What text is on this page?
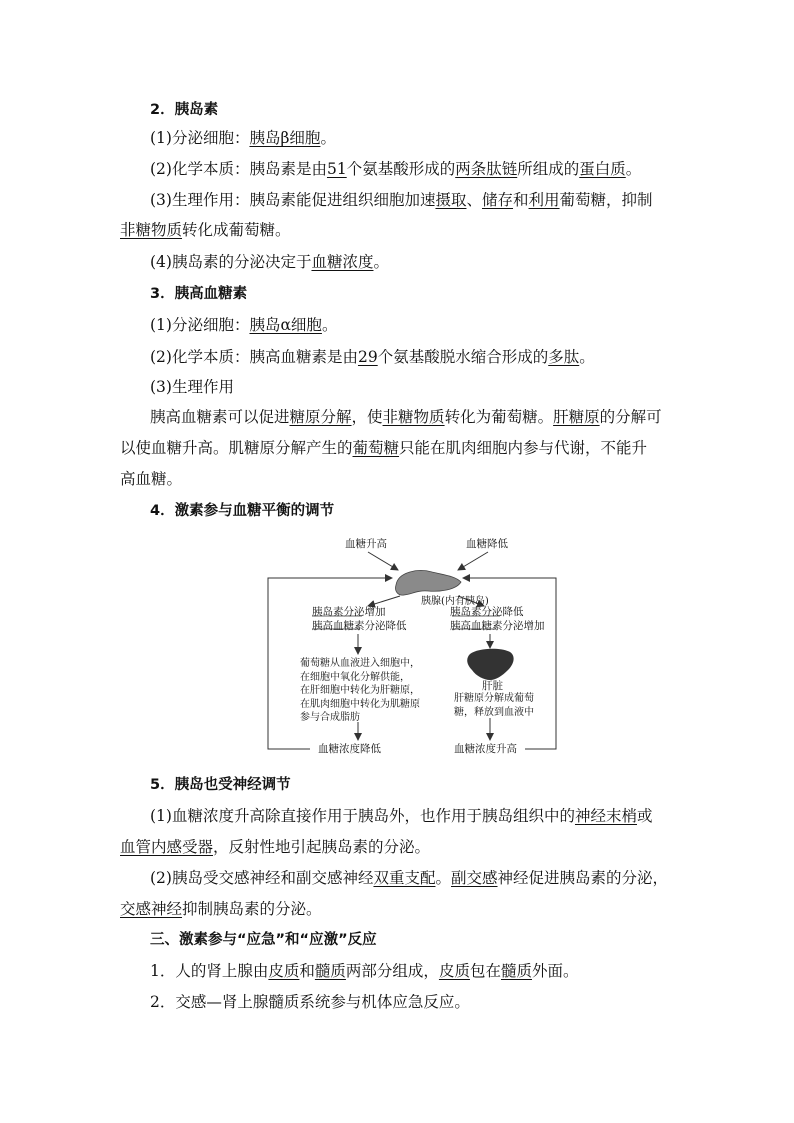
2．胰岛素
(1)分泌细胞：胰岛β细胞。
(2)化学本质：胰岛素是由51个氨基酸形成的两条肽链所组成的蛋白质。
(3)生理作用：胰岛素能促进组织细胞加速摄取、储存和利用葡萄糖，抑制
非糖物质转化成葡萄糖。
(4)胰岛素的分泌决定于血糖浓度。
3．胰高血糖素
(1)分泌细胞：胰岛α细胞。
(2)化学本质：胰高血糖素是由29个氨基酸脱水缩合形成的多肽。
(3)生理作用
胰高血糖素可以促进糖原分解，使非糖物质转化为葡萄糖。肝糖原的分解可
以使血糖升高。肌糖原分解产生的葡萄糖只能在肌肉细胞内参与代谢，不能升
高血糖。
4．激素参与血糖平衡的调节
血糖升高	血糖降低
胰腺(内有胰岛)
胰岛素分泌增加
胰高血糖素分泌降低
胰岛素分泌降低
胰高血糖素分泌增加
葡萄糖从血液进入细胞中，
在细胞中氧化分解供能，
在肝细胞中转化为肝糖原，
在肌肉细胞中转化为肌糖原
参与合成脂肪
肝脏
肝糖原分解成葡萄
糖，释放到血液中
血糖浓度降低	血糖浓度升高
5．胰岛也受神经调节
(1)血糖浓度升高除直接作用于胰岛外，也作用于胰岛组织中的神经末梢或
血管内感受器，反射性地引起胰岛素的分泌。
(2)胰岛受交感神经和副交感神经双重支配。副交感神经促进胰岛素的分泌，
交感神经抑制胰岛素的分泌。
三、激素参与“应急”和“应激”反应
1．人的肾上腺由皮质和髓质两部分组成，皮质包在髓质外面。
2．交感—肾上腺髓质系统参与机体应急反应。
